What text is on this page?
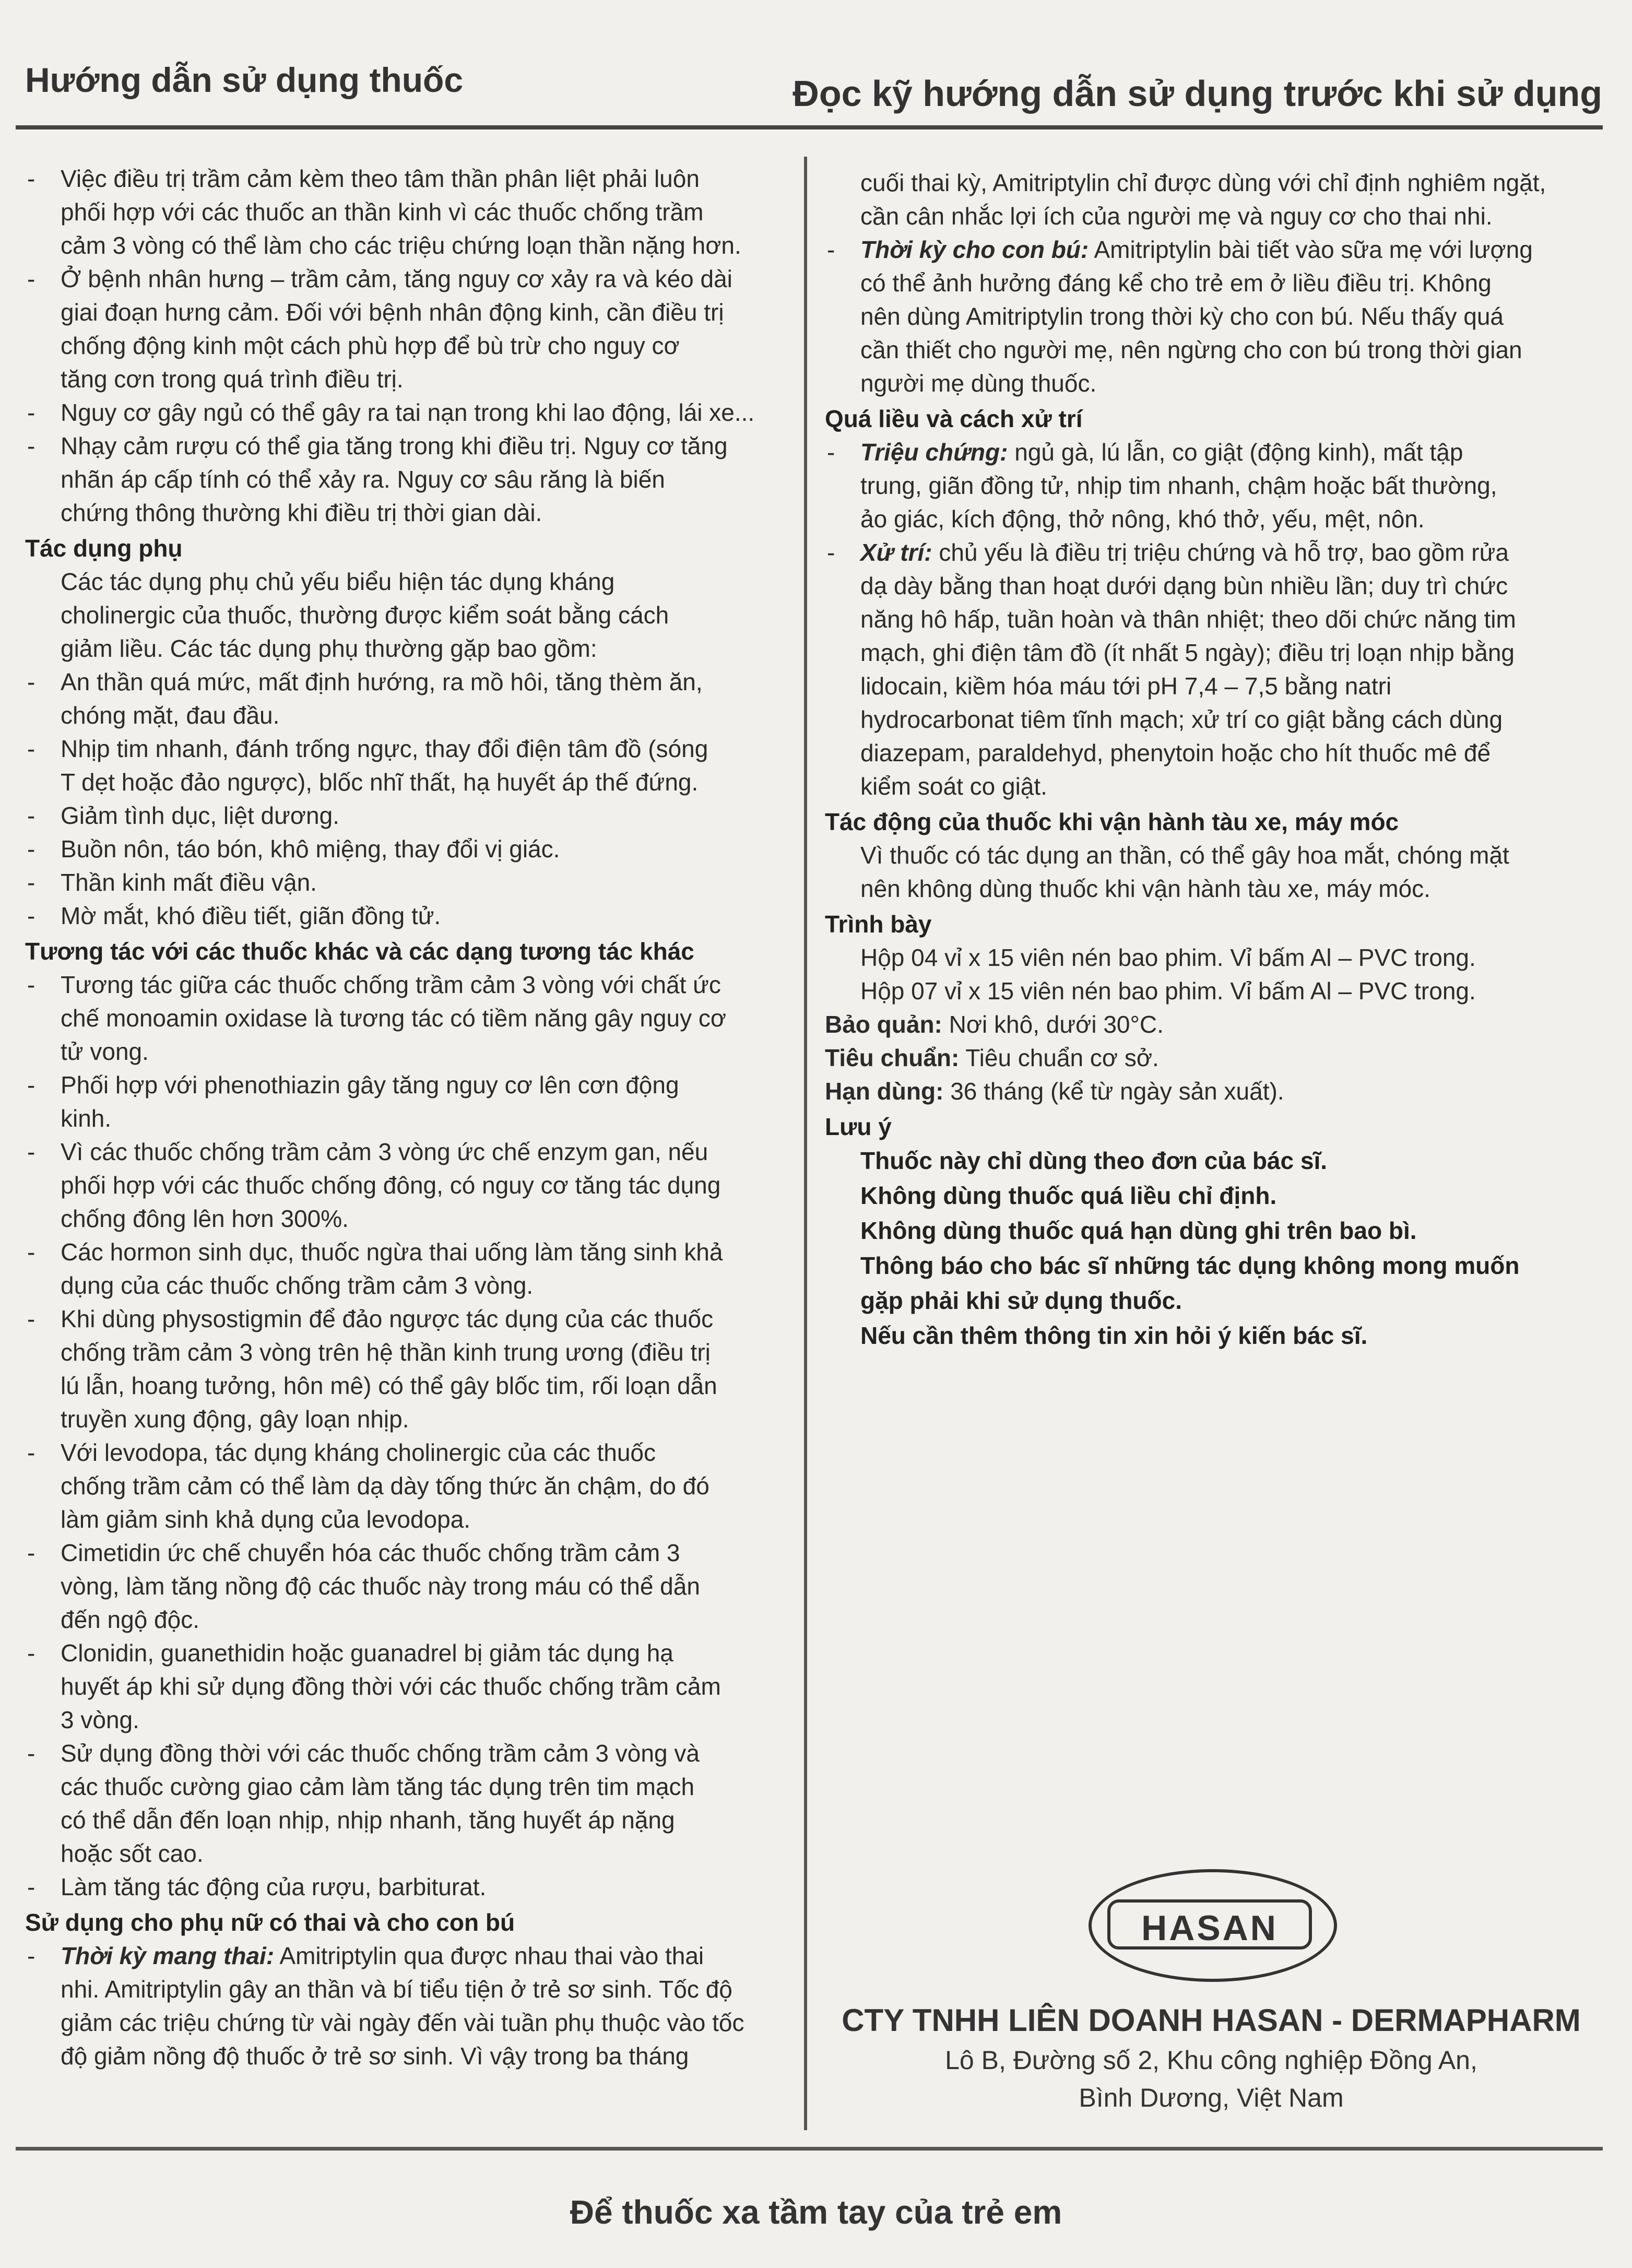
Hướng dẫn sử dụng thuốc	Đọc kỹ hướng dẫn sử dụng trước khi sử dụng
- Việc điều trị trầm cảm kèm theo tâm thần phân liệt phải luôn
phối hợp với các thuốc an thần kinh vì các thuốc chống trầm
cảm 3 vòng có thể làm cho các triệu chứng loạn thần nặng hơn.
- Ở bệnh nhân hưng – trầm cảm, tăng nguy cơ xảy ra và kéo dài
giai đoạn hưng cảm. Đối với bệnh nhân động kinh, cần điều trị
chống động kinh một cách phù hợp để bù trừ cho nguy cơ
tăng cơn trong quá trình điều trị.
- Nguy cơ gây ngủ có thể gây ra tai nạn trong khi lao động, lái xe...
- Nhạy cảm rượu có thể gia tăng trong khi điều trị. Nguy cơ tăng
nhãn áp cấp tính có thể xảy ra. Nguy cơ sâu răng là biến
chứng thông thường khi điều trị thời gian dài.
Tác dụng phụ
Các tác dụng phụ chủ yếu biểu hiện tác dụng kháng
cholinergic của thuốc, thường được kiểm soát bằng cách
giảm liều. Các tác dụng phụ thường gặp bao gồm:
- An thần quá mức, mất định hướng, ra mồ hôi, tăng thèm ăn,
chóng mặt, đau đầu.
- Nhịp tim nhanh, đánh trống ngực, thay đổi điện tâm đồ (sóng
T dẹt hoặc đảo ngược), blốc nhĩ thất, hạ huyết áp thế đứng.
- Giảm tình dục, liệt dương.
- Buồn nôn, táo bón, khô miệng, thay đổi vị giác.
- Thần kinh mất điều vận.
- Mờ mắt, khó điều tiết, giãn đồng tử.
Tương tác với các thuốc khác và các dạng tương tác khác
- Tương tác giữa các thuốc chống trầm cảm 3 vòng với chất ức
chế monoamin oxidase là tương tác có tiềm năng gây nguy cơ
tử vong.
- Phối hợp với phenothiazin gây tăng nguy cơ lên cơn động
kinh.
- Vì các thuốc chống trầm cảm 3 vòng ức chế enzym gan, nếu
phối hợp với các thuốc chống đông, có nguy cơ tăng tác dụng
chống đông lên hơn 300%.
- Các hormon sinh dục, thuốc ngừa thai uống làm tăng sinh khả
dụng của các thuốc chống trầm cảm 3 vòng.
- Khi dùng physostigmin để đảo ngược tác dụng của các thuốc
chống trầm cảm 3 vòng trên hệ thần kinh trung ương (điều trị
lú lẫn, hoang tưởng, hôn mê) có thể gây blốc tim, rối loạn dẫn
truyền xung động, gây loạn nhịp.
- Với levodopa, tác dụng kháng cholinergic của các thuốc
chống trầm cảm có thể làm dạ dày tống thức ăn chậm, do đó
làm giảm sinh khả dụng của levodopa.
- Cimetidin ức chế chuyển hóa các thuốc chống trầm cảm 3
vòng, làm tăng nồng độ các thuốc này trong máu có thể dẫn
đến ngộ độc.
- Clonidin, guanethidin hoặc guanadrel bị giảm tác dụng hạ
huyết áp khi sử dụng đồng thời với các thuốc chống trầm cảm
3 vòng.
- Sử dụng đồng thời với các thuốc chống trầm cảm 3 vòng và
các thuốc cường giao cảm làm tăng tác dụng trên tim mạch
có thể dẫn đến loạn nhịp, nhịp nhanh, tăng huyết áp nặng
hoặc sốt cao.
- Làm tăng tác động của rượu, barbiturat.
Sử dụng cho phụ nữ có thai và cho con bú
- Thời kỳ mang thai: Amitriptylin qua được nhau thai vào thai
nhi. Amitriptylin gây an thần và bí tiểu tiện ở trẻ sơ sinh. Tốc độ
giảm các triệu chứng từ vài ngày đến vài tuần phụ thuộc vào tốc
độ giảm nồng độ thuốc ở trẻ sơ sinh. Vì vậy trong ba tháng
cuối thai kỳ, Amitriptylin chỉ được dùng với chỉ định nghiêm ngặt,
cần cân nhắc lợi ích của người mẹ và nguy cơ cho thai nhi.
- Thời kỳ cho con bú: Amitriptylin bài tiết vào sữa mẹ với lượng
có thể ảnh hưởng đáng kể cho trẻ em ở liều điều trị. Không
nên dùng Amitriptylin trong thời kỳ cho con bú. Nếu thấy quá
cần thiết cho người mẹ, nên ngừng cho con bú trong thời gian
người mẹ dùng thuốc.
Quá liều và cách xử trí
- Triệu chứng: ngủ gà, lú lẫn, co giật (động kinh), mất tập
trung, giãn đồng tử, nhịp tim nhanh, chậm hoặc bất thường,
ảo giác, kích động, thở nông, khó thở, yếu, mệt, nôn.
- Xử trí: chủ yếu là điều trị triệu chứng và hỗ trợ, bao gồm rửa
dạ dày bằng than hoạt dưới dạng bùn nhiều lần; duy trì chức
năng hô hấp, tuần hoàn và thân nhiệt; theo dõi chức năng tim
mạch, ghi điện tâm đồ (ít nhất 5 ngày); điều trị loạn nhịp bằng
lidocain, kiềm hóa máu tới pH 7,4 – 7,5 bằng natri
hydrocarbonat tiêm tĩnh mạch; xử trí co giật bằng cách dùng
diazepam, paraldehyd, phenytoin hoặc cho hít thuốc mê để
kiểm soát co giật.
Tác động của thuốc khi vận hành tàu xe, máy móc
Vì thuốc có tác dụng an thần, có thể gây hoa mắt, chóng mặt
nên không dùng thuốc khi vận hành tàu xe, máy móc.
Trình bày
Hộp 04 vỉ x 15 viên nén bao phim. Vỉ bấm Al – PVC trong.
Hộp 07 vỉ x 15 viên nén bao phim. Vỉ bấm Al – PVC trong.
Bảo quản: Nơi khô, dưới 30°C.
Tiêu chuẩn: Tiêu chuẩn cơ sở.
Hạn dùng: 36 tháng (kể từ ngày sản xuất).
Lưu ý
Thuốc này chỉ dùng theo đơn của bác sĩ.
Không dùng thuốc quá liều chỉ định.
Không dùng thuốc quá hạn dùng ghi trên bao bì.
Thông báo cho bác sĩ những tác dụng không mong muốn
gặp phải khi sử dụng thuốc.
Nếu cần thêm thông tin xin hỏi ý kiến bác sĩ.
HASAN
CTY TNHH LIÊN DOANH HASAN - DERMAPHARM
Lô B, Đường số 2, Khu công nghiệp Đồng An,
Bình Dương, Việt Nam
Để thuốc xa tầm tay của trẻ em
